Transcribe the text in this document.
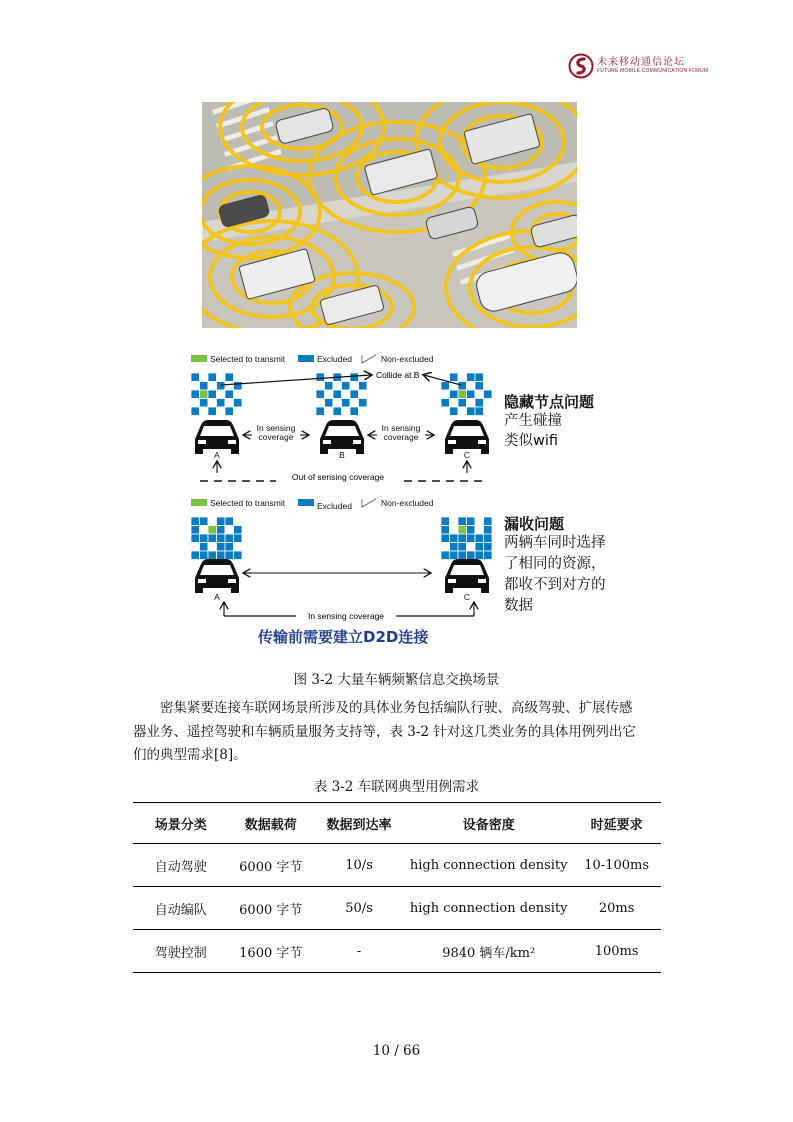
未来移动通信论坛
FUTURE MOBILE COMMUNICATION FORUM
Selected to transmit	Excluded	Non-excluded
Collide at B
In sensing
coverage
In sensing
coverage
A	B	C
Out of sensing coverage
Selected to transmit	Excluded	Non-excluded
A	C
In sensing coverage
隐藏节点问题
产生碰撞
类似wifi
漏收问题
两辆车同时选择
了相同的资源，
都收不到对方的
数据
传输前需要建立D2D连接
图 3-2 大量车辆频繁信息交换场景
密集紧要连接车联网场景所涉及的具体业务包括编队行驶、高级驾驶、扩展传感
器业务、遥控驾驶和车辆质量服务支持等，表 3-2 针对这几类业务的具体用例列出它
们的典型需求[8]。
表 3-2 车联网典型用例需求
场景分类	数据载荷	数据到达率	设备密度	时延要求
自动驾驶	6000 字节	10/s	high connection density	10-100ms
自动编队	6000 字节	50/s	high connection density	20ms
驾驶控制	1600 字节	-	9840 辆车/km²	100ms
10 / 66
